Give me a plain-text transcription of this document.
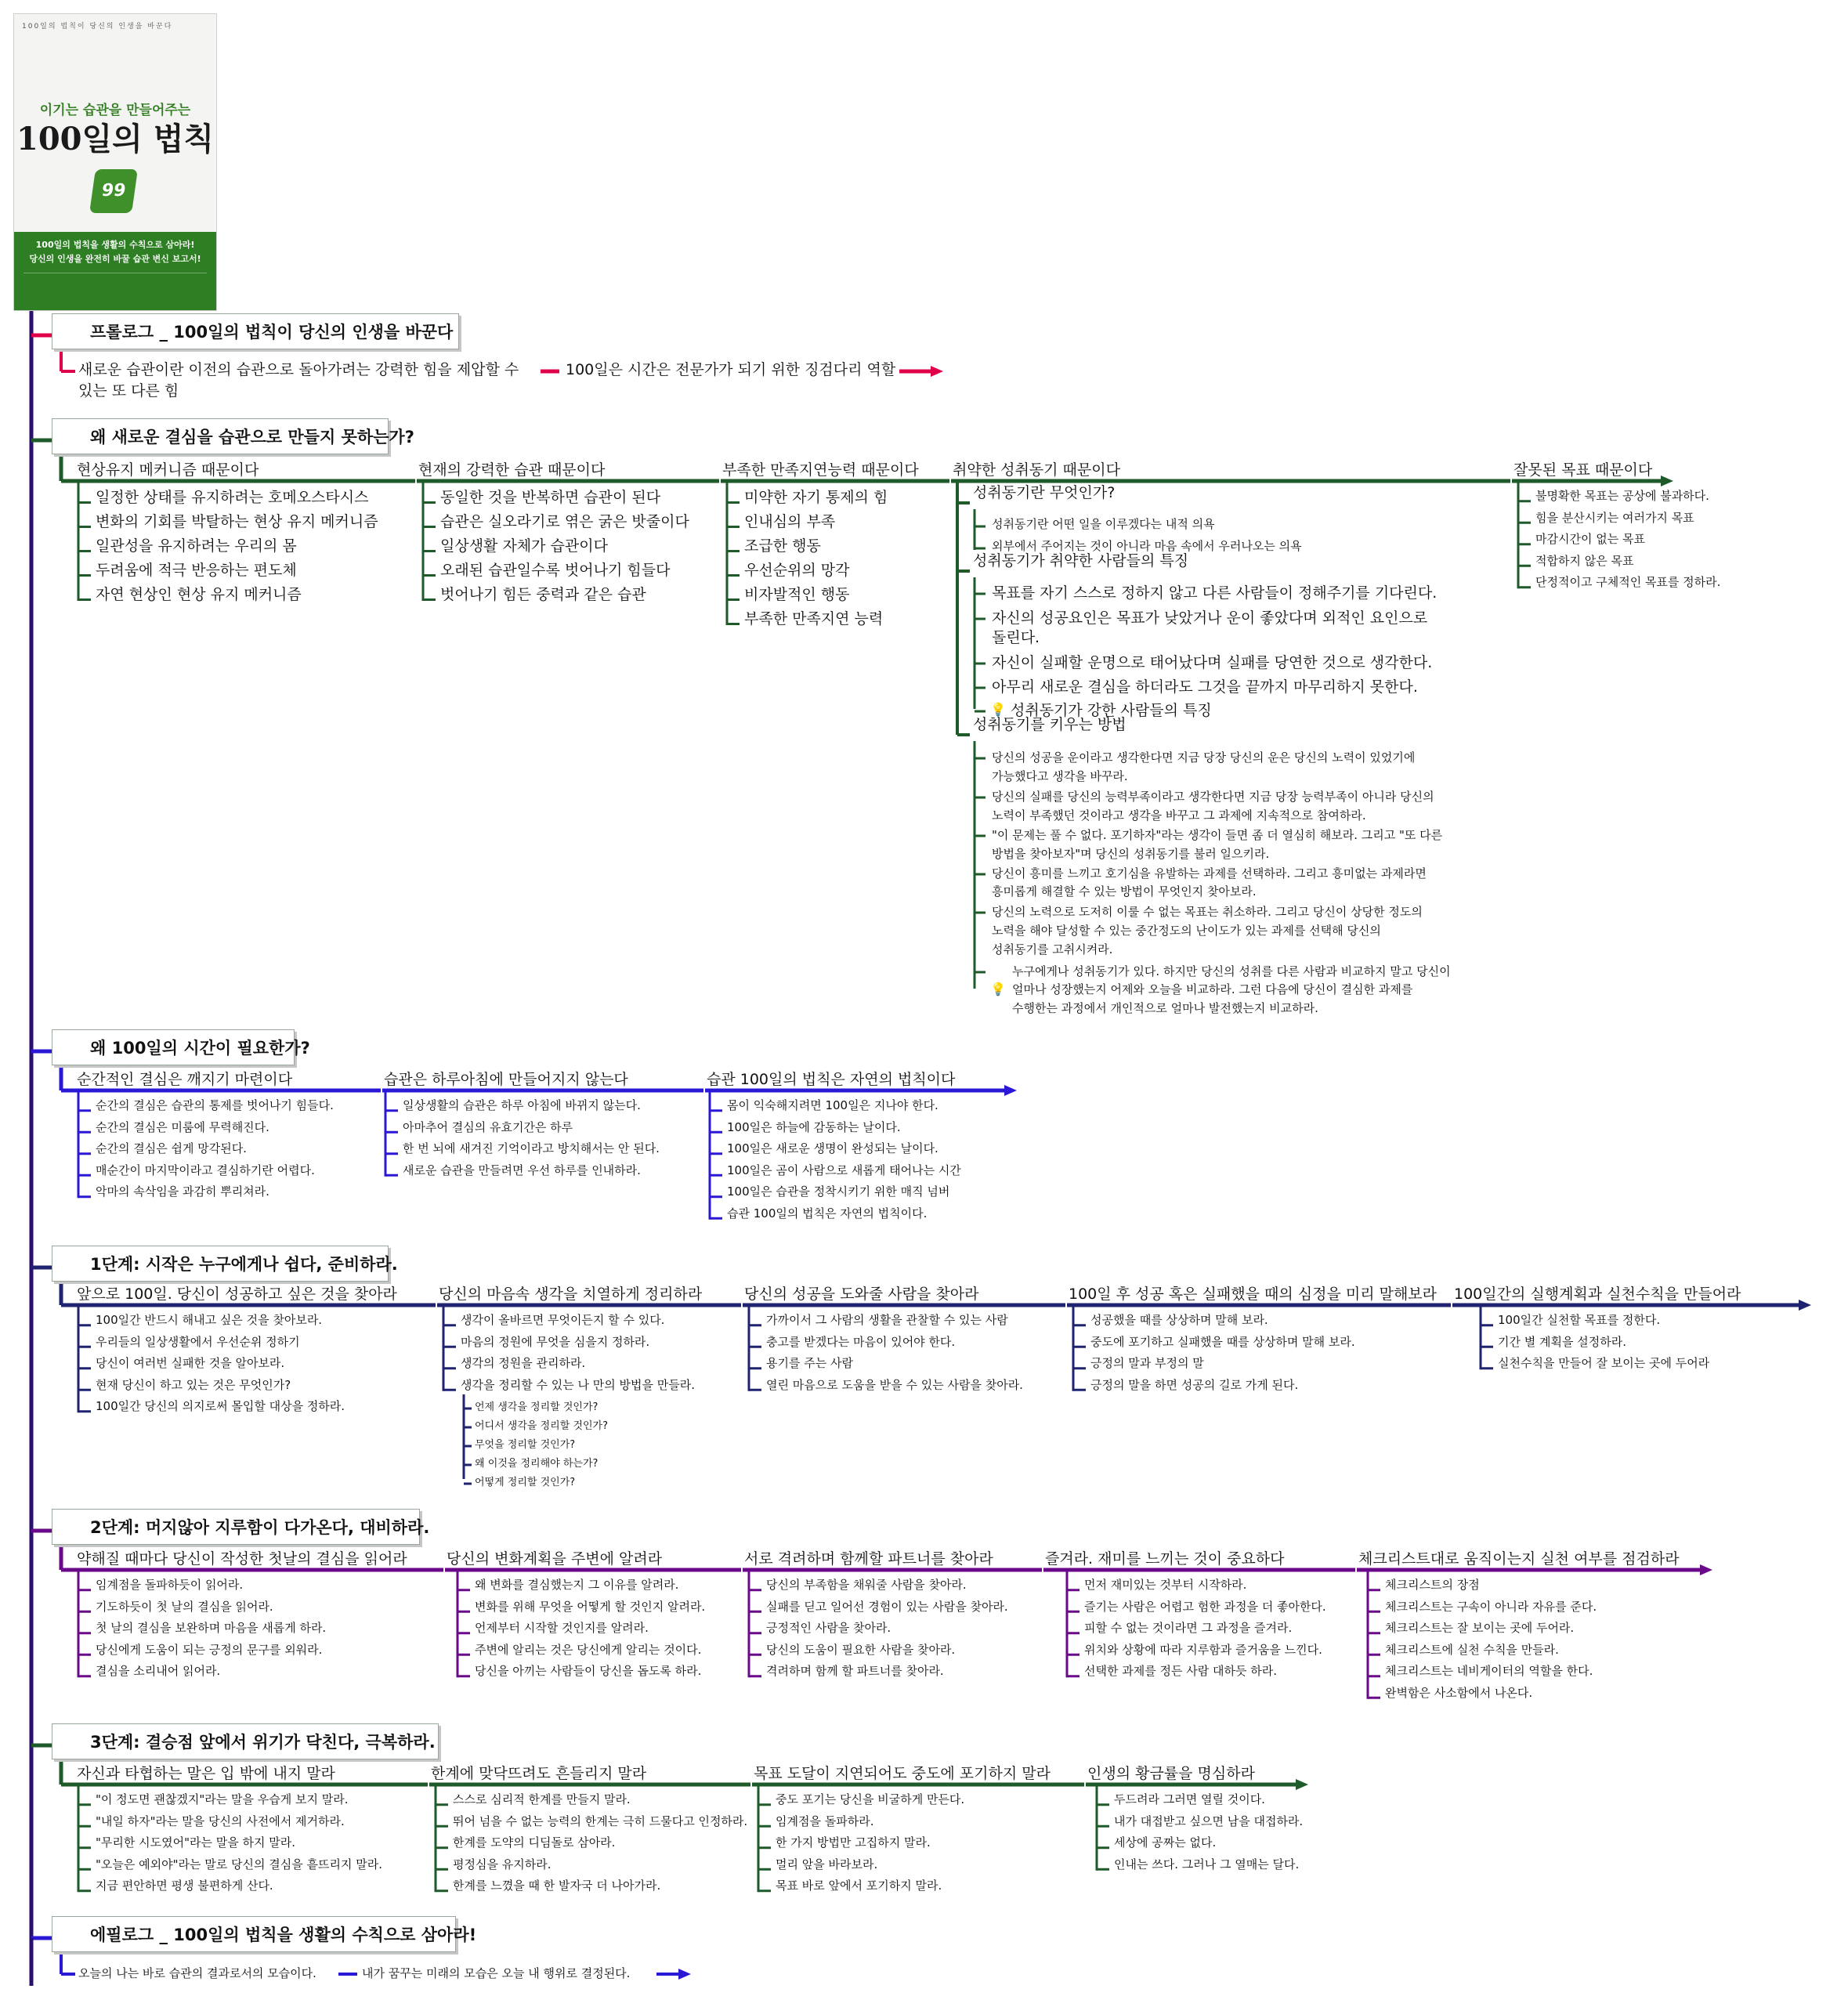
100일의 법칙이 당신의 인생을 바꾼다
이기는 습관을 만들어주는
100일의 법칙
99
100일의 법칙을 생활의 수칙으로 삼아라!
당신의 인생을 완전히 바꿀 습관 변신 보고서!
프롤로그 _ 100일의 법칙이 당신의 인생을 바꾼다
새로운 습관이란 이전의 습관으로 돌아가려는 강력한 힘을 제압할 수
있는 또 다른 힘
100일은 시간은 전문가가 되기 위한 징검다리 역할
왜 새로운 결심을 습관으로 만들지 못하는가?
현상유지 메커니즘 때문이다
일정한 상태를 유지하려는 호메오스타시스
변화의 기회를 박탈하는 현상 유지 메커니즘
일관성을 유지하려는 우리의 몸
두려움에 적극 반응하는 편도체
자연 현상인 현상 유지 메커니즘
현재의 강력한 습관 때문이다
동일한 것을 반복하면 습관이 된다
습관은 실오라기로 엮은 굵은 밧줄이다
일상생활 자체가 습관이다
오래된 습관일수록 벗어나기 힘들다
벗어나기 힘든 중력과 같은 습관
부족한 만족지연능력 때문이다
미약한 자기 통제의 힘
인내심의 부족
조급한 행동
우선순위의 망각
비자발적인 행동
부족한 만족지연 능력
취약한 성취동기 때문이다	잘못된 목표 때문이다
불명확한 목표는 공상에 불과하다.
힘을 분산시키는 여러가지 목표
마감시간이 없는 목표
적합하지 않은 목표
단정적이고 구체적인 목표를 정하라.
성취동기란 무엇인가?
성취동기가 취약한 사람들의 특징
성취동기를 키우는 방법
성취동기란 어떤 일을 이루겠다는 내적 의욕
외부에서 주어지는 것이 아니라 마음 속에서 우러나오는 의욕
목표를 자기 스스로 정하지 않고 다른 사람들이 정해주기를 기다린다.
자신의 성공요인은 목표가 낮았거나 운이 좋았다며 외적인 요인으로
돌린다.
자신이 실패할 운명으로 태어났다며 실패를 당연한 것으로 생각한다.
아무리 새로운 결심을 하더라도 그것을 끝까지 마무리하지 못한다.
💡 성취동기가 강한 사람들의 특징
당신의 성공을 운이라고 생각한다면 지금 당장 당신의 운은 당신의 노력이 있었기에
가능했다고 생각을 바꾸라.
당신의 실패를 당신의 능력부족이라고 생각한다면 지금 당장 능력부족이 아니라 당신의
노력이 부족했던 것이라고 생각을 바꾸고 그 과제에 지속적으로 참여하라.
"이 문제는 풀 수 없다. 포기하자"라는 생각이 들면 좀 더 열심히 해보라. 그리고 "또 다른
방법을 찾아보자"며 당신의 성취동기를 불러 일으키라.
당신이 흥미를 느끼고 호기심을 유발하는 과제를 선택하라. 그리고 흥미없는 과제라면
흥미롭게 해결할 수 있는 방법이 무엇인지 찾아보라.
당신의 노력으로 도저히 이룰 수 없는 목표는 취소하라. 그리고 당신이 상당한 정도의
노력을 해야 달성할 수 있는 중간정도의 난이도가 있는 과제를 선택해 당신의
성취동기를 고취시켜라.
누구에게나 성취동기가 있다. 하지만 당신의 성취를 다른 사람과 비교하지 말고 당신이
얼마나 성장했는지 어제와 오늘을 비교하라. 그런 다음에 당신이 결심한 과제를
수행한는 과정에서 개인적으로 얼마나 발전했는지 비교하라.
💡
왜 100일의 시간이 필요한가?
순간적인 결심은 깨지기 마련이다
순간의 결심은 습관의 통제를 벗어나기 힘들다.
순간의 결심은 미룸에 무력해진다.
순간의 결심은 쉽게 망각된다.
매순간이 마지막이라고 결심하기란 어렵다.
악마의 속삭임을 과감히 뿌리쳐라.
습관은 하루아침에 만들어지지 않는다
일상생활의 습관은 하루 아침에 바뀌지 않는다.
아마추어 결심의 유효기간은 하루
한 번 뇌에 새겨진 기억이라고 방치해서는 안 된다.
새로운 습관을 만들려면 우선 하루를 인내하라.
습관 100일의 법칙은 자연의 법칙이다
몸이 익숙해지려면 100일은 지나야 한다.
100일은 하늘에 감동하는 날이다.
100일은 새로운 생명이 완성되는 날이다.
100일은 곰이 사람으로 새롭게 태어나는 시간
100일은 습관을 정착시키기 위한 매직 넘버
습관 100일의 법칙은 자연의 법칙이다.
1단계: 시작은 누구에게나 쉽다, 준비하라.
앞으로 100일. 당신이 성공하고 싶은 것을 찾아라
100일간 반드시 해내고 싶은 것을 찾아보라.
우리들의 일상생활에서 우선순위 정하기
당신이 여러번 실패한 것을 알아보라.
현재 당신이 하고 있는 것은 무엇인가?
100일간 당신의 의지로써 몰입할 대상을 정하라.
당신의 마음속 생각을 치열하게 정리하라
생각이 올바르면 무엇이든지 할 수 있다.
마음의 정원에 무엇을 심을지 정하라.
생각의 정원을 관리하라.
생각을 정리할 수 있는 나 만의 방법을 만들라.
언제 생각을 정리할 것인가?
어디서 생각을 정리할 것인가?
무엇을 정리할 것인가?
왜 이것을 정리해야 하는가?
어떻게 정리할 것인가?
당신의 성공을 도와줄 사람을 찾아라
가까이서 그 사람의 생활을 관찰할 수 있는 사람
충고를 받겠다는 마음이 있어야 한다.
용기를 주는 사람
열린 마음으로 도움을 받을 수 있는 사람을 찾아라.
100일 후 성공 혹은 실패했을 때의 심정을 미리 말해보라
성공했을 때를 상상하며 말해 보라.
중도에 포기하고 실패했을 때를 상상하며 말해 보라.
긍정의 말과 부정의 말
긍정의 말을 하면 성공의 길로 가게 된다.
100일간의 실행계획과 실천수칙을 만들어라
100일간 실천할 목표를 정한다.
기간 별 계획을 설정하라.
실천수칙을 만들어 잘 보이는 곳에 두어라
2단계: 머지않아 지루함이 다가온다, 대비하라.
약해질 때마다 당신이 작성한 첫날의 결심을 읽어라
임계점을 돌파하듯이 읽어라.
기도하듯이 첫 날의 결심을 읽어라.
첫 날의 결심을 보완하며 마음을 새롭게 하라.
당신에게 도움이 되는 긍정의 문구를 외워라.
결심을 소리내어 읽어라.
당신의 변화계획을 주변에 알려라
왜 변화를 결심했는지 그 이유를 알려라.
변화를 위해 무엇을 어떻게 할 것인지 알려라.
언제부터 시작할 것인지를 알려라.
주변에 알리는 것은 당신에게 알리는 것이다.
당신을 아끼는 사람들이 당신을 돕도록 하라.
서로 격려하며 함께할 파트너를 찾아라
당신의 부족함을 채워줄 사람을 찾아라.
실패를 딛고 일어선 경험이 있는 사람을 찾아라.
긍정적인 사람을 찾아라.
당신의 도움이 필요한 사람을 찾아라.
격려하며 함께 할 파트너를 찾아라.
즐겨라. 재미를 느끼는 것이 중요하다
먼저 재미있는 것부터 시작하라.
즐기는 사람은 어렵고 험한 과정을 더 좋아한다.
피할 수 없는 것이라면 그 과정을 즐겨라.
위치와 상황에 따라 지루함과 즐거움을 느낀다.
선택한 과제를 정든 사람 대하듯 하라.
체크리스트대로 움직이는지 실천 여부를 점검하라
체크리스트의 장점
체크리스트는 구속이 아니라 자유를 준다.
체크리스트는 잘 보이는 곳에 두어라.
체크리스트에 실천 수칙을 만들라.
체크리스트는 네비게이터의 역할을 한다.
완벽함은 사소함에서 나온다.
3단계: 결승점 앞에서 위기가 닥친다, 극복하라.
자신과 타협하는 말은 입 밖에 내지 말라
"이 정도면 괜찮겠지"라는 말을 우습게 보지 말라.
"내일 하자"라는 말을 당신의 사전에서 제거하라.
"무리한 시도였어"라는 말을 하지 말라.
"오늘은 예외야"라는 말로 당신의 결심을 흩뜨리지 말라.
지금 편안하면 평생 불편하게 산다.
한계에 맞닥뜨려도 흔들리지 말라
스스로 심리적 한계를 만들지 말라.
뛰어 넘을 수 없는 능력의 한계는 극히 드물다고 인정하라.
한계를 도약의 디딤돌로 삼아라.
평정심을 유지하라.
한계를 느꼈을 때 한 발자국 더 나아가라.
목표 도달이 지연되어도 중도에 포기하지 말라
중도 포기는 당신을 비굴하게 만든다.
임계점을 돌파하라.
한 가지 방법만 고집하지 말라.
멀리 앞을 바라보라.
목표 바로 앞에서 포기하지 말라.
인생의 황금률을 명심하라
두드려라 그러면 열릴 것이다.
내가 대접받고 싶으면 남을 대접하라.
세상에 공짜는 없다.
인내는 쓰다. 그러나 그 열매는 달다.
에필로그 _ 100일의 법칙을 생활의 수칙으로 삼아라!
오늘의 나는 바로 습관의 결과로서의 모습이다.	내가 꿈꾸는 미래의 모습은 오늘 내 행위로 결정된다.
